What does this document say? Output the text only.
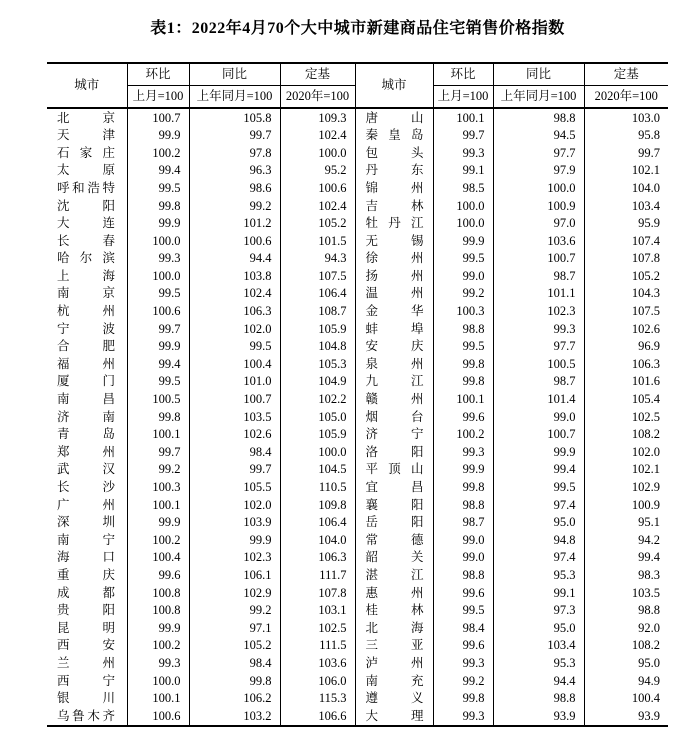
表1：2022年4月70个大中城市新建商品住宅销售价格指数
城市	环比	同比	定基	城市	环比	同比	定基
	上月=100	上年同月=100	2020年=100		上月=100	上年同月=100	2020年=100
北京	100.7	105.8	109.3	唐山	100.1	98.8	103.0
天津	99.9	99.7	102.4	秦皇岛	99.7	94.5	95.8
石家庄	100.2	97.8	100.0	包头	99.3	97.7	99.7
太原	99.4	96.3	95.2	丹东	99.1	97.9	102.1
呼和浩特	99.5	98.6	100.6	锦州	98.5	100.0	104.0
沈阳	99.8	99.2	102.4	吉林	100.0	100.9	103.4
大连	99.9	101.2	105.2	牡丹江	100.0	97.0	95.9
长春	100.0	100.6	101.5	无锡	99.9	103.6	107.4
哈尔滨	99.3	94.4	94.3	徐州	99.5	100.7	107.8
上海	100.0	103.8	107.5	扬州	99.0	98.7	105.2
南京	99.5	102.4	106.4	温州	99.2	101.1	104.3
杭州	100.6	106.3	108.7	金华	100.3	102.3	107.5
宁波	99.7	102.0	105.9	蚌埠	98.8	99.3	102.6
合肥	99.9	99.5	104.8	安庆	99.5	97.7	96.9
福州	99.4	100.4	105.3	泉州	99.8	100.5	106.3
厦门	99.5	101.0	104.9	九江	99.8	98.7	101.6
南昌	100.5	100.7	102.2	赣州	100.1	101.4	105.4
济南	99.8	103.5	105.0	烟台	99.6	99.0	102.5
青岛	100.1	102.6	105.9	济宁	100.2	100.7	108.2
郑州	99.7	98.4	100.0	洛阳	99.3	99.9	102.0
武汉	99.2	99.7	104.5	平顶山	99.9	99.4	102.1
长沙	100.3	105.5	110.5	宜昌	99.8	99.5	102.9
广州	100.1	102.0	109.8	襄阳	98.8	97.4	100.9
深圳	99.9	103.9	106.4	岳阳	98.7	95.0	95.1
南宁	100.2	99.9	104.0	常德	99.0	94.8	94.2
海口	100.4	102.3	106.3	韶关	99.0	97.4	99.4
重庆	99.6	106.1	111.7	湛江	98.8	95.3	98.3
成都	100.8	102.9	107.8	惠州	99.6	99.1	103.5
贵阳	100.8	99.2	103.1	桂林	99.5	97.3	98.8
昆明	99.9	97.1	102.5	北海	98.4	95.0	92.0
西安	100.2	105.2	111.5	三亚	99.6	103.4	108.2
兰州	99.3	98.4	103.6	泸州	99.3	95.3	95.0
西宁	100.0	99.8	106.0	南充	99.2	94.4	94.9
银川	100.1	106.2	115.3	遵义	99.8	98.8	100.4
乌鲁木齐	100.6	103.2	106.6	大理	99.3	93.9	93.9
